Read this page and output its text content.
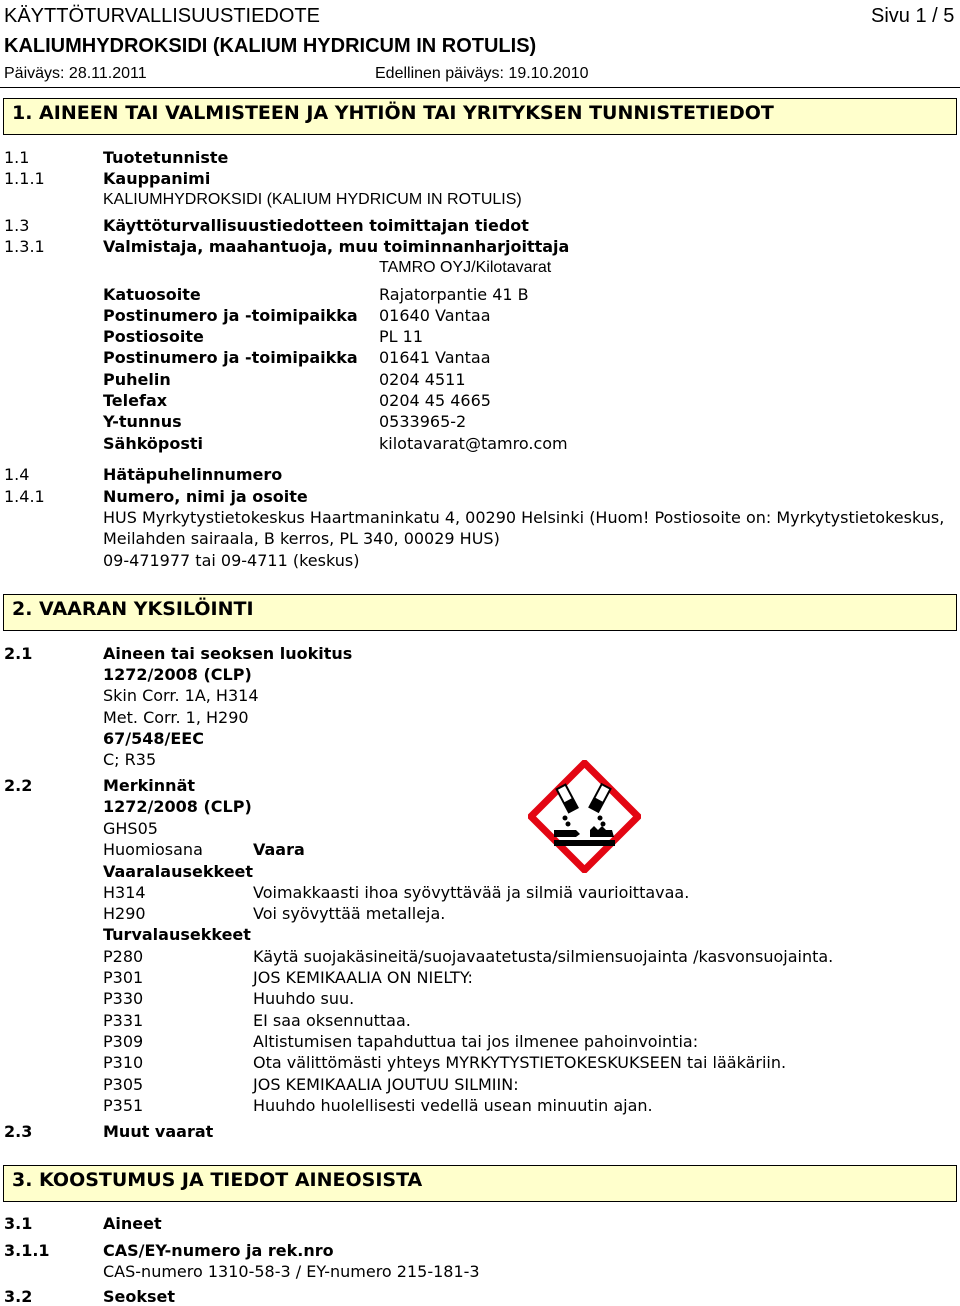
KÄYTTÖTURVALLISUUSTIEDOTE	Sivu 1 / 5
KALIUMHYDROKSIDI (KALIUM HYDRICUM IN ROTULIS)
Päiväys: 28.11.2011	Edellinen päiväys: 19.10.2010
1. AINEEN TAI VALMISTEEN JA YHTIÖN TAI YRITYKSEN TUNNISTETIEDOT
1.1	Tuotetunniste
1.1.1	Kauppanimi
KALIUMHYDROKSIDI (KALIUM HYDRICUM IN ROTULIS)
1.3	Käyttöturvallisuustiedotteen toimittajan tiedot
1.3.1	Valmistaja, maahantuoja, muu toiminnanharjoittaja
TAMRO OYJ/Kilotavarat
Katuosoite	Rajatorpantie 41 B
Postinumero ja -toimipaikka 01640 Vantaa
Postiosoite	PL 11
Postinumero ja -toimipaikka 01641 Vantaa
Puhelin	0204 4511
Telefax	0204 45 4665
Y-tunnus	0533965-2
Sähköposti	kilotavarat@tamro.com
1.4	Hätäpuhelinnumero
1.4.1	Numero, nimi ja osoite
HUS Myrkytystietokeskus Haartmaninkatu 4, 00290 Helsinki (Huom! Postiosoite on: Myrkytystietokeskus,
Meilahden sairaala, B kerros, PL 340, 00029 HUS)
09-471977 tai 09-4711 (keskus)
2. VAARAN YKSILÖINTI
2.1	Aineen tai seoksen luokitus
1272/2008 (CLP)
Skin Corr. 1A, H314
Met. Corr. 1, H290
67/548/EEC
C; R35
2.2	Merkinnät
1272/2008 (CLP)
GHS05
Huomiosana	Vaara
Vaaralausekkeet
H314	Voimakkaasti ihoa syövyttävää ja silmiä vaurioittavaa.
H290	Voi syövyttää metalleja.
Turvalausekkeet
P280	Käytä suojakäsineitä/suojavaatetusta/silmiensuojainta /kasvonsuojainta.
P301	JOS KEMIKAALIA ON NIELTY:
P330	Huuhdo suu.
P331	EI saa oksennuttaa.
P309	Altistumisen tapahduttua tai jos ilmenee pahoinvointia:
P310	Ota välittömästi yhteys MYRKYTYSTIETOKESKUKSEEN tai lääkäriin.
P305	JOS KEMIKAALIA JOUTUU SILMIIN:
P351	Huuhdo huolellisesti vedellä usean minuutin ajan.
2.3	Muut vaarat
3. KOOSTUMUS JA TIEDOT AINEOSISTA
3.1	Aineet
3.1.1	CAS/EY-numero ja rek.nro
CAS-numero 1310-58-3 / EY-numero 215-181-3
3.2	Seokset
